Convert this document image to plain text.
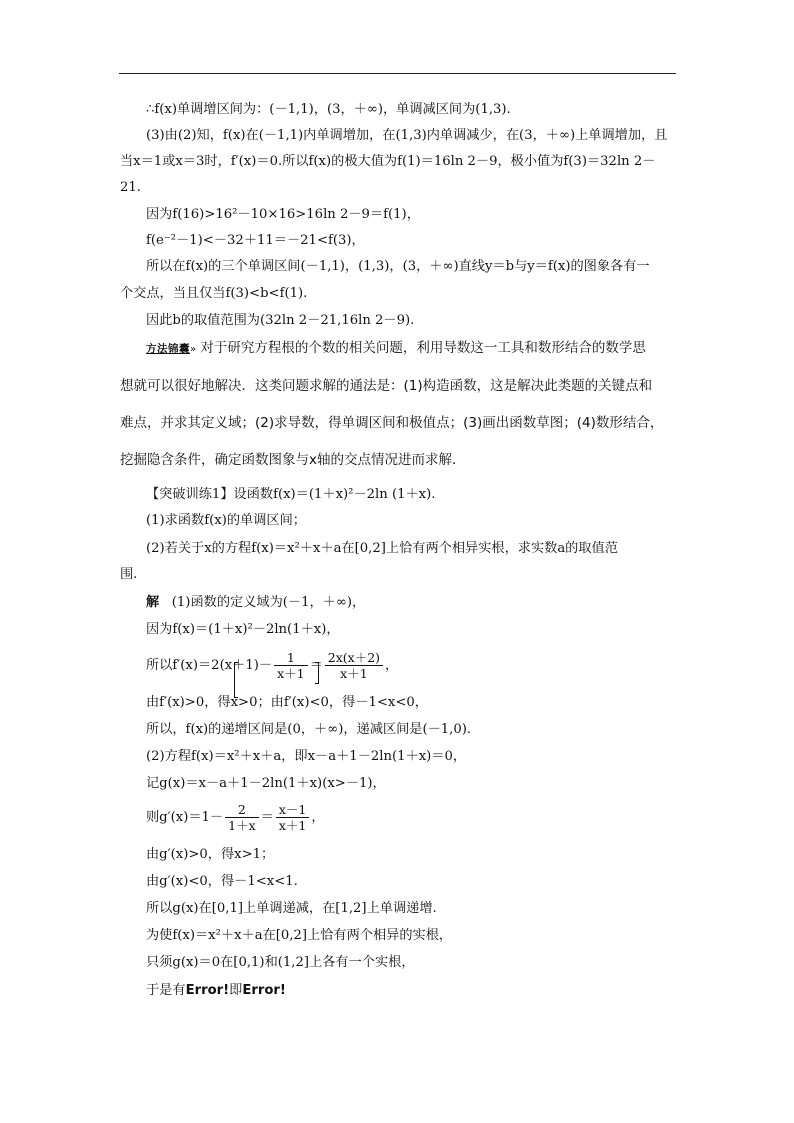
∴f(x)单调增区间为：(－1,1)，(3，＋∞)，单调减区间为(1,3).
(3)由(2)知，f(x)在(－1,1)内单调增加，在(1,3)内单调减少，在(3，＋∞)上单调增加，且
当x＝1或x＝3时，f′(x)＝0.所以f(x)的极大值为f(1)＝16ln 2－9，极小值为f(3)＝32ln 2－
21.
因为f(16)>16²－10×16>16ln 2－9＝f(1)，
f(e⁻²－1)<－32＋11＝－21<f(3)，
所以在f(x)的三个单调区间(－1,1)，(1,3)，(3，＋∞)直线y＝b与y＝f(x)的图象各有一
个交点，当且仅当f(3)<b<f(1).
因此b的取值范围为(32ln 2－21,16ln 2－9).
方法锦囊» 对于研究方程根的个数的相关问题，利用导数这一工具和数形结合的数学思
想就可以很好地解决．这类问题求解的通法是：(1)构造函数，这是解决此类题的关键点和
难点，并求其定义域；(2)求导数，得单调区间和极值点；(3)画出函数草图；(4)数形结合，
挖掘隐含条件，确定函数图象与x轴的交点情况进而求解．
【突破训练1】设函数f(x)＝(1＋x)²－2ln (1＋x).
(1)求函数f(x)的单调区间；
(2)若关于x的方程f(x)＝x²＋x＋a在[0,2]上恰有两个相异实根，求实数a的取值范
围.
解 (1)函数的定义域为(－1，＋∞)，
因为f(x)＝(1＋x)²－2ln(1＋x)，
所以$f'(x)=2(x+1)- \frac{1}{x+1} = \frac{2x(x+2)}{x+1}$ ，
由f′(x)>0，得x>0；由f′(x)<0，得－1<x<0，
所以，f(x)的递增区间是(0，＋∞)，递减区间是(－1,0).
(2)方程f(x)＝x²＋x＋a，即x－a＋1－2ln(1＋x)＝0，
记g(x)＝x－a＋1－2ln(1＋x)(x>－1)，
则$g'(x)=1- \frac{2}{1+x} = \frac{x-1}{x+1}$ ，
由g′(x)>0，得x>1；
由g′(x)<0，得－1<x<1.
所以g(x)在[0,1]上单调递减，在[1,2]上单调递增.
为使f(x)＝x²＋x＋a在[0,2]上恰有两个相异的实根，
只须g(x)＝0在[0,1)和(1,2]上各有一个实根，
于是有Error!即Error!
